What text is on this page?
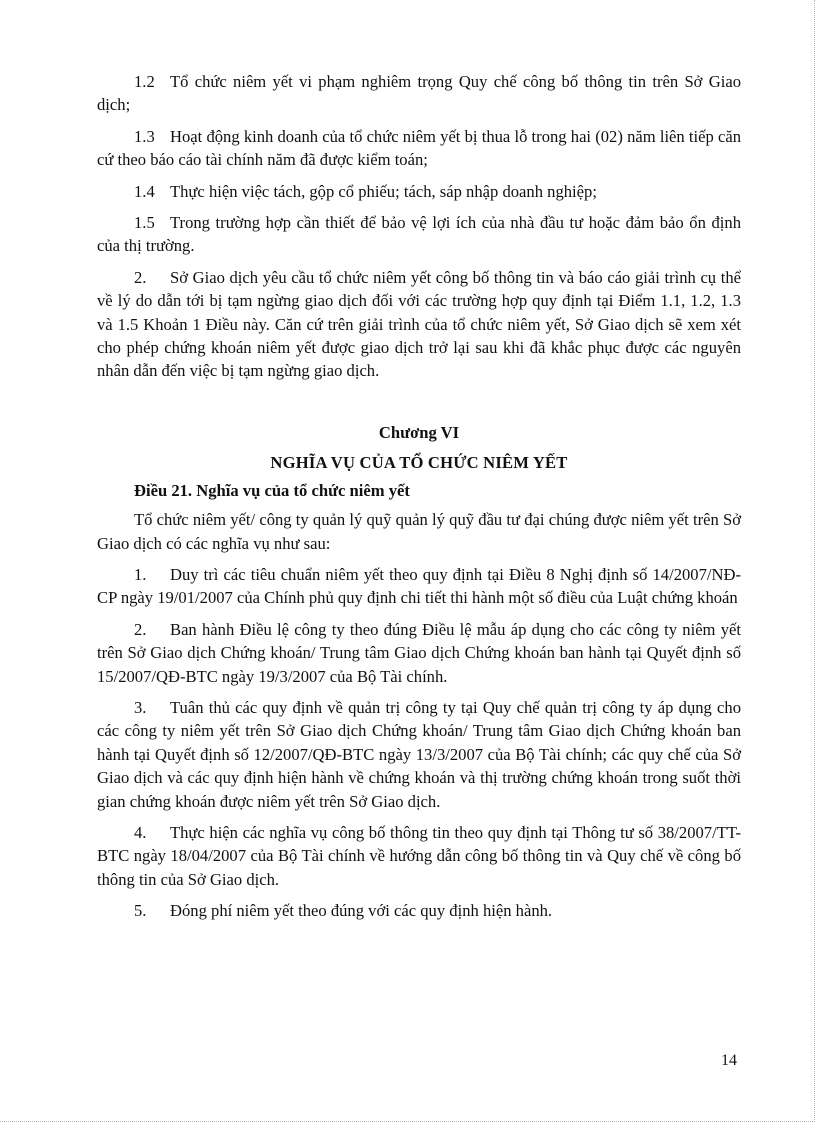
1.2 Tổ chức niêm yết vi phạm nghiêm trọng Quy chế công bố thông tin trên Sở Giao dịch;

1.3 Hoạt động kinh doanh của tổ chức niêm yết bị thua lỗ trong hai (02) năm liên tiếp căn cứ theo báo cáo tài chính năm đã được kiểm toán;

1.4 Thực hiện việc tách, gộp cổ phiếu; tách, sáp nhập doanh nghiệp;

1.5 Trong trường hợp cần thiết để bảo vệ lợi ích của nhà đầu tư hoặc đảm bảo ổn định của thị trường.

2. Sở Giao dịch yêu cầu tổ chức niêm yết công bố thông tin và báo cáo giải trình cụ thể về lý do dẫn tới bị tạm ngừng giao dịch đối với các trường hợp quy định tại Điểm 1.1, 1.2, 1.3 và 1.5 Khoản 1 Điều này. Căn cứ trên giải trình của tổ chức niêm yết, Sở Giao dịch sẽ xem xét cho phép chứng khoán niêm yết được giao dịch trở lại sau khi đã khắc phục được các nguyên nhân dẫn đến việc bị tạm ngừng giao dịch.

Chương VI

NGHĨA VỤ CỦA TỔ CHỨC NIÊM YẾT

Điều 21. Nghĩa vụ của tổ chức niêm yết

Tổ chức niêm yết/ công ty quản lý quỹ quản lý quỹ đầu tư đại chúng được niêm yết trên Sở Giao dịch có các nghĩa vụ như sau:

1. Duy trì các tiêu chuẩn niêm yết theo quy định tại Điều 8 Nghị định số 14/2007/NĐ-CP ngày 19/01/2007 của Chính phủ quy định chi tiết thi hành một số điều của Luật chứng khoán

2. Ban hành Điều lệ công ty theo đúng Điều lệ mẫu áp dụng cho các công ty niêm yết trên Sở Giao dịch Chứng khoán/ Trung tâm Giao dịch Chứng khoán ban hành tại Quyết định số 15/2007/QĐ-BTC ngày 19/3/2007 của Bộ Tài chính.

3. Tuân thủ các quy định về quản trị công ty tại Quy chế quản trị công ty áp dụng cho các công ty niêm yết trên Sở Giao dịch Chứng khoán/ Trung tâm Giao dịch Chứng khoán ban hành tại Quyết định số 12/2007/QĐ-BTC ngày 13/3/2007 của Bộ Tài chính; các quy chế của Sở Giao dịch và các quy định hiện hành về chứng khoán và thị trường chứng khoán trong suốt thời gian chứng khoán được niêm yết trên Sở Giao dịch.

4. Thực hiện các nghĩa vụ công bố thông tin theo quy định tại Thông tư số 38/2007/TT-BTC ngày 18/04/2007 của Bộ Tài chính về hướng dẫn công bố thông tin và Quy chế về công bố thông tin của Sở Giao dịch.

5. Đóng phí niêm yết theo đúng với các quy định hiện hành.

14
